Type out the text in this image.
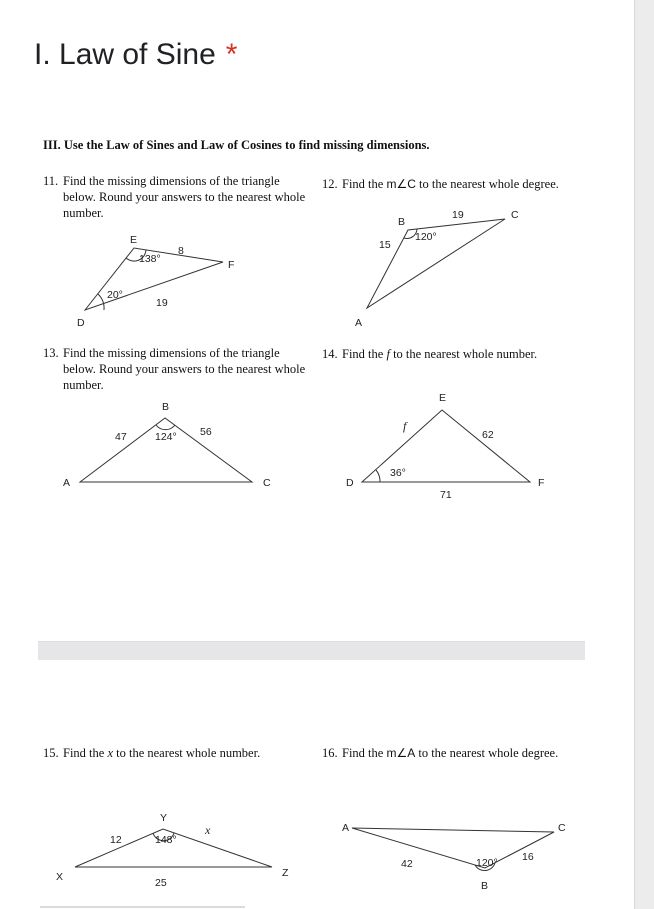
I. Law of Sine *
III. Use the Law of Sines and Law of Cosines to find missing dimensions.
11. Find the missing dimensions of the triangle below. Round your answers to the nearest whole number.
E
D
F
138°
20°
8
19
12. Find the m∠C to the nearest whole degree.
B
A
C
120°
15
19
13. Find the missing dimensions of the triangle below. Round your answers to the nearest whole number.
B
A	C
124°
47	56
14. Find the f to the nearest whole number.
E
D	F
36°
f
62
71
15. Find the x to the nearest whole number.
Y
X	Z
148°
12
x
25
16. Find the m∠A to the nearest whole degree.
A
B
C
120°
42
16
